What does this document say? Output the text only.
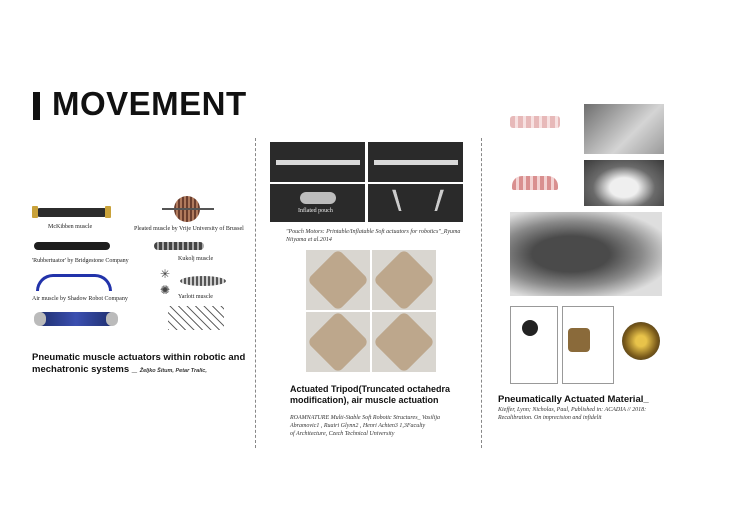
MOVEMENT
McKibben muscle	Pleated muscle by Vrije University of Brussel
'Rubbertuator' by Bridgestone Company	Kukolj muscle
Air muscle by Shadow Robot Company
✳
✺ Yarlott muscle
Pneumatic muscle actuators within robotic and
mechatronic systems _ Željko Šitum, Petar Tralic,
Inflated pouch
"Pouch Motors: Printable/Inflatable Soft actuators for robotics"_Ryuma
Niiyama et al.2014
Actuated Tripod(Truncated octahedra
modification), air muscle actuation
ROAMNATURE Multi-Stable Soft Robotic Structures_ Vasilija
Abramovic1 , Ruairi Glynn2 , Henri Achten3 1,3Faculty
of Architecture, Czech Technical University
Pneumatically Actuated Material_
Kieffer, Lynn; Nicholas, Paul, Published in: ACADIA // 2018:
Recalibration. On imprecision and infidelit
